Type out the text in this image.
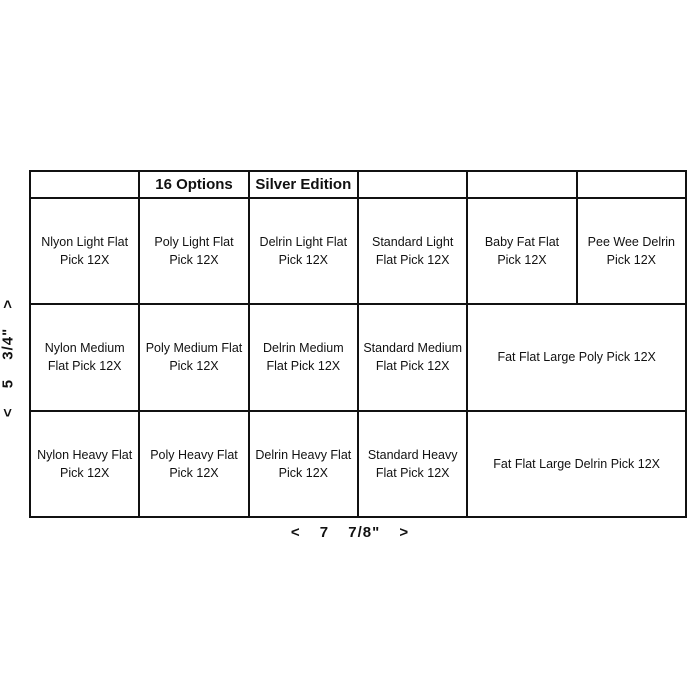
16 Options	Silver Edition
Nlyon Light Flat Pick 12X
Poly Light Flat Pick 12X
Delrin Light Flat Pick 12X
Standard Light Flat Pick 12X
Baby Fat Flat Pick 12X
Pee Wee Delrin Pick 12X
Nylon Medium Flat Pick 12X
Poly Medium Flat Pick 12X
Delrin Medium Flat Pick 12X
Standard Medium Flat Pick 12X
Fat Flat Large Poly Pick 12X
Nylon Heavy Flat Pick 12X
Poly Heavy Flat Pick 12X
Delrin Heavy Flat Pick 12X
Standard Heavy Flat Pick 12X
Fat Flat Large Delrin Pick 12X
< 7 7/8" >
< 5 3/4" >
